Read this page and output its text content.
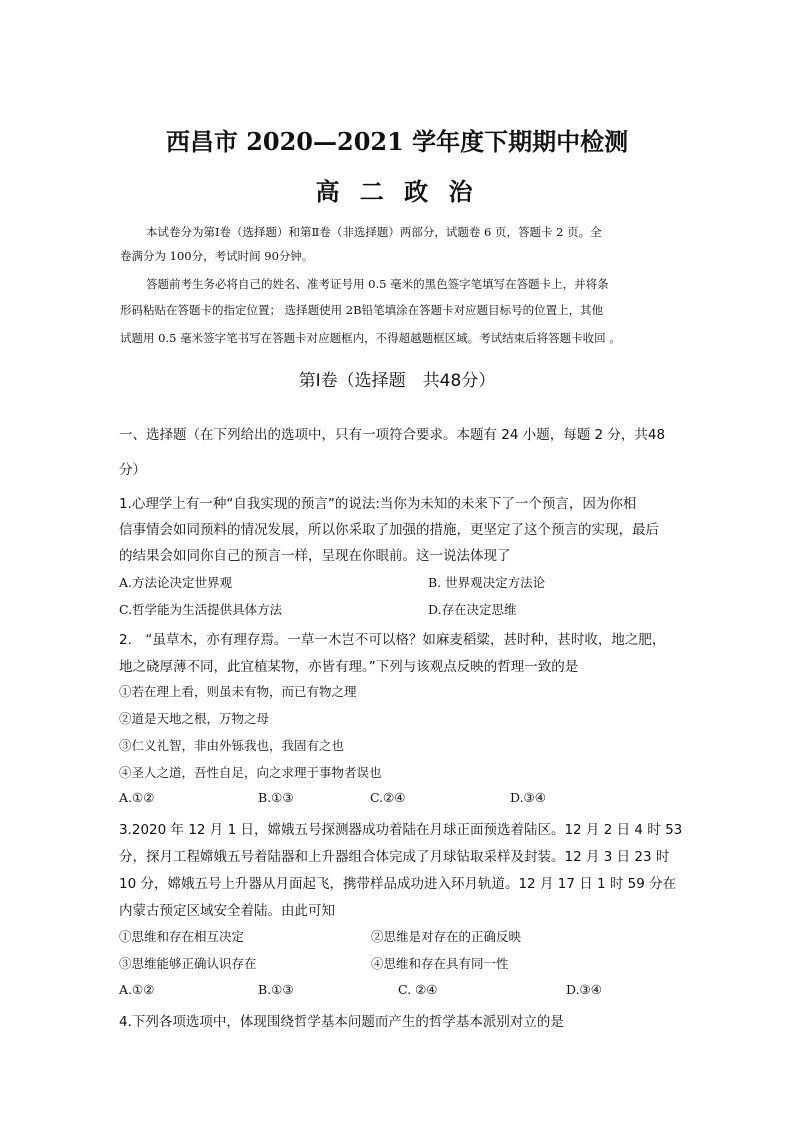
西昌市 2020—2021 学年度下期期中检测
高 二 政 治
本试卷分为第Ⅰ卷（选择题）和第Ⅱ卷（非选择题）两部分，试题卷 6 页，答题卡 2 页。全
卷满分为 100分，考试时间 90分钟。
答题前考生务必将自己的姓名、准考证号用 0.5 毫米的黑色签字笔填写在答题卡上，并将条
形码粘贴在答题卡的指定位置； 选择题使用 2B铅笔填涂在答题卡对应题目标号的位置上，其他
试题用 0.5 毫米签字笔书写在答题卡对应题框内，不得超越题框区域。考试结束后将答题卡收回 。
第Ⅰ卷（选择题　共48分）
一、选择题（在下列给出的选项中，只有一项符合要求。本题有 24 小题，每题 2 分，共48
分）
1.心理学上有一种“自我实现的预言”的说法:当你为未知的未来下了一个预言，因为你相
信事情会如同预料的情况发展，所以你采取了加强的措施，更坚定了这个预言的实现，最后
的结果会如同你自己的预言一样，呈现在你眼前。这一说法体现了
A.方法论决定世界观	B. 世界观决定方法论
C.哲学能为生活提供具体方法	D.存在决定思维
2.　“虽草木，亦有理存焉。一草一木岂不可以格？如麻麦稻粱，甚时种，甚时收，地之肥，
地之硗厚薄不同，此宜植某物，亦皆有理。”下列与该观点反映的哲理一致的是
①若在理上看，则虽未有物，而已有物之理
②道是天地之根，万物之母
③仁义礼智，非由外铄我也，我固有之也
④圣人之道，吾性自足，向之求理于事物者误也
A.①②	B.①③	C.②④	D.③④
3.2020 年 12 月 1 日，嫦娥五号探测器成功着陆在月球正面预选着陆区。12 月 2 日 4 时 53
分，探月工程嫦娥五号着陆器和上升器组合体完成了月球钻取采样及封装。12 月 3 日 23 时
10 分，嫦娥五号上升器从月面起飞，携带样品成功进入环月轨道。12 月 17 日 1 时 59 分在
内蒙古预定区域安全着陆。由此可知
①思维和存在相互决定	②思维是对存在的正确反映
③思维能够正确认识存在	④思维和存在具有同一性
A.①②	B.①③	C. ②④	D.③④
4.下列各项选项中，体现围绕哲学基本问题而产生的哲学基本派别对立的是
